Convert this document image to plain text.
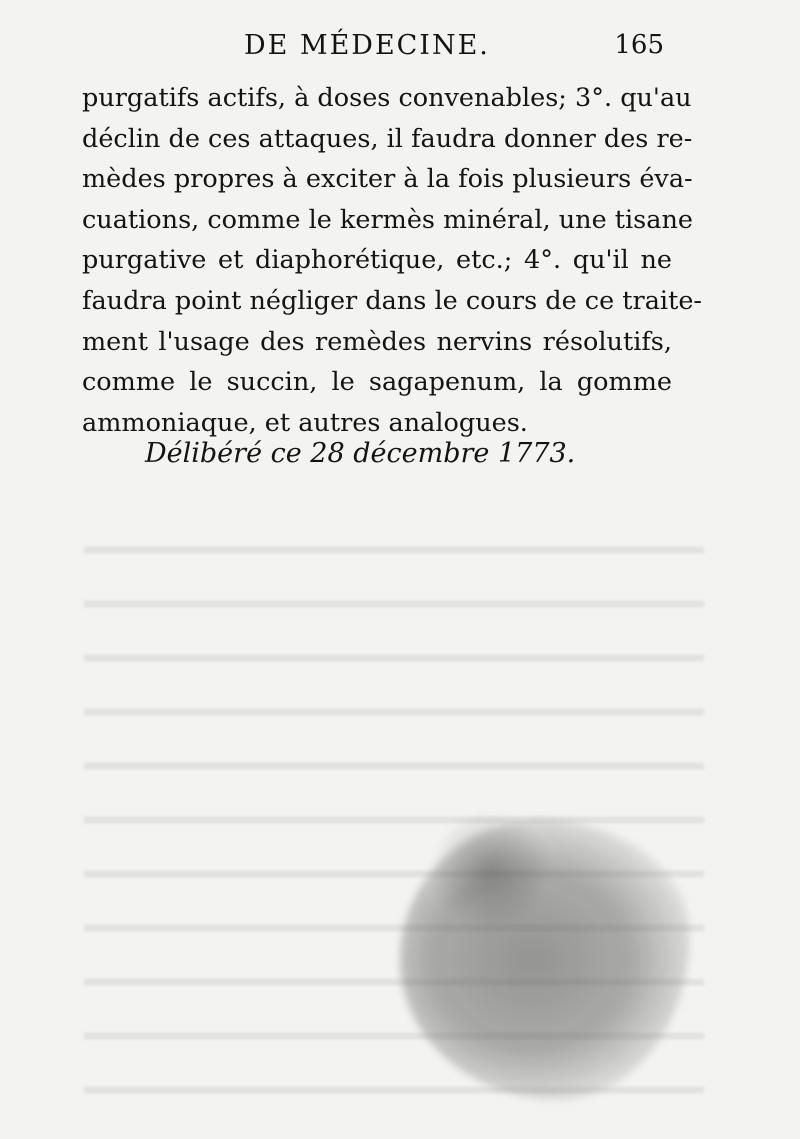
DE MÉDECINE.	165
purgatifs actifs, à doses convenables; 3°. qu'au
déclin de ces attaques, il faudra donner des re-
mèdes propres à exciter à la fois plusieurs éva-
cuations, comme le kermès minéral, une tisane
purgative et diaphorétique, etc.; 4°. qu'il ne
faudra point négliger dans le cours de ce traite-
ment l'usage des remèdes nervins résolutifs,
comme le succin, le sagapenum, la gomme
ammoniaque, et autres analogues.
Délibéré ce 28 décembre 1773.
